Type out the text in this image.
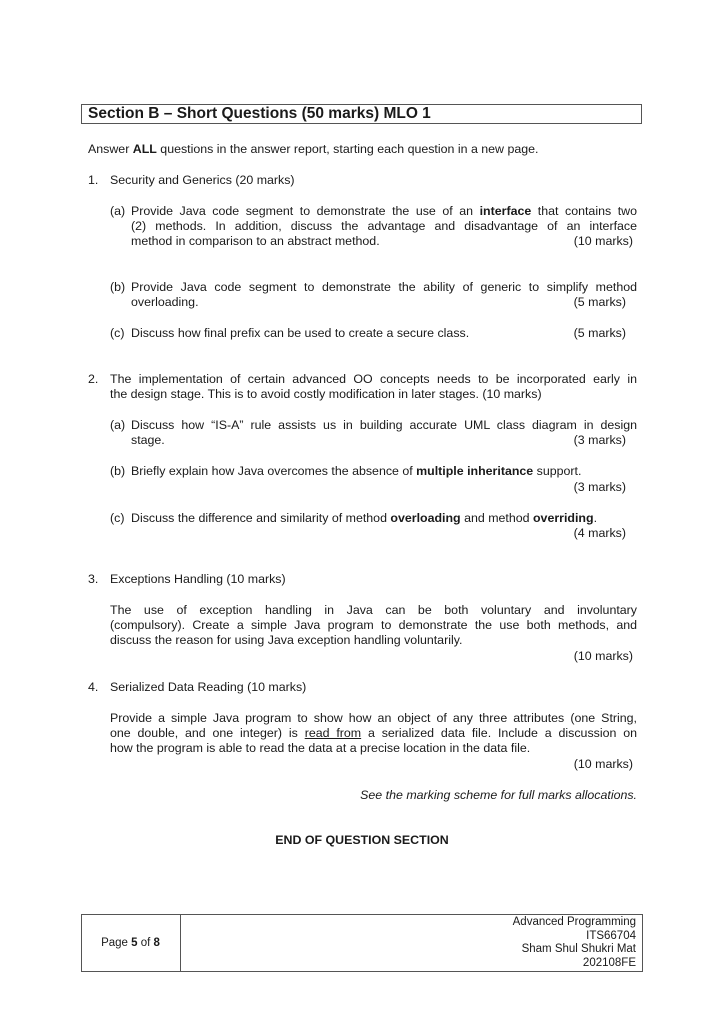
Section B – Short Questions (50 marks) MLO 1
Answer ALL questions in the answer report, starting each question in a new page.
1. Security and Generics (20 marks)
(a) Provide Java code segment to demonstrate the use of an interface that contains two
(2) methods. In addition, discuss the advantage and disadvantage of an interface
method in comparison to an abstract method.	(10 marks)
(b) Provide Java code segment to demonstrate the ability of generic to simplify method
overloading.	(5 marks)
(c) Discuss how final prefix can be used to create a secure class.	(5 marks)
2. The implementation of certain advanced OO concepts needs to be incorporated early in
the design stage. This is to avoid costly modification in later stages. (10 marks)
(a) Discuss how “IS-A” rule assists us in building accurate UML class diagram in design
stage.	(3 marks)
(b) Briefly explain how Java overcomes the absence of multiple inheritance support.
(3 marks)
(c) Discuss the difference and similarity of method overloading and method overriding.
(4 marks)
3. Exceptions Handling (10 marks)
The use of exception handling in Java can be both voluntary and involuntary
(compulsory). Create a simple Java program to demonstrate the use both methods, and
discuss the reason for using Java exception handling voluntarily.
(10 marks)
4. Serialized Data Reading (10 marks)
Provide a simple Java program to show how an object of any three attributes (one String,
one double, and one integer) is read from a serialized data file. Include a discussion on
how the program is able to read the data at a precise location in the data file.
(10 marks)
See the marking scheme for full marks allocations.
END OF QUESTION SECTION
Page 5 of 8
Advanced Programming
ITS66704
Sham Shul Shukri Mat
202108FE
